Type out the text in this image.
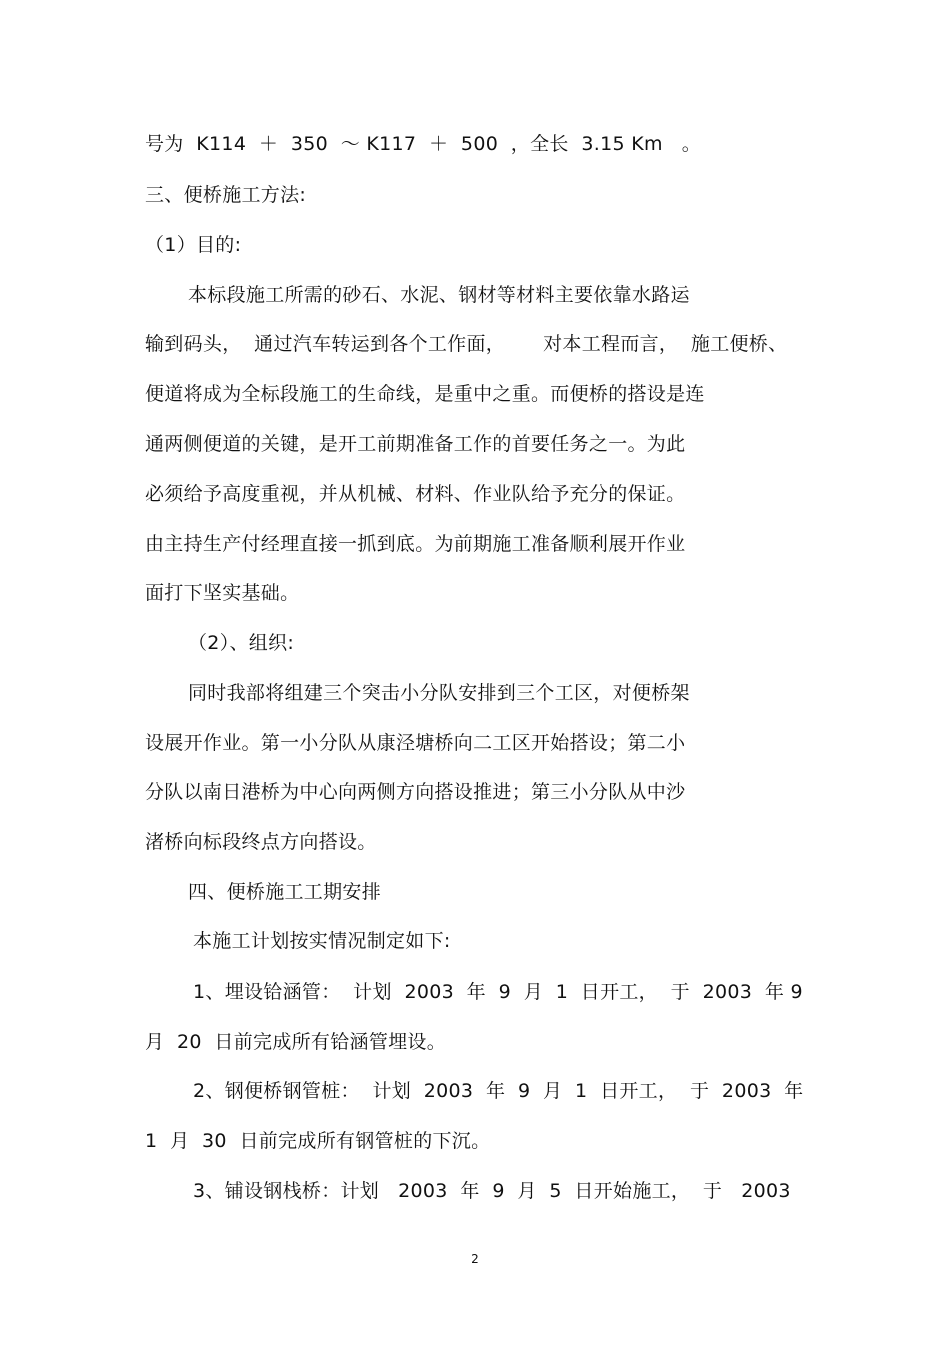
号为  K114  ＋  350  ～ K117  ＋  500  ，全长  3.15 Km   。
三、便桥施工方法:
（1）目的:
本标段施工所需的砂石、水泥、钢材等材料主要依靠水路运
输到码头，  通过汽车转运到各个工作面，      对本工程而言，  施工便桥、
便道将成为全标段施工的生命线，是重中之重。而便桥的搭设是连
通两侧便道的关键，是开工前期准备工作的首要任务之一。为此
必须给予高度重视，并从机械、材料、作业队给予充分的保证。
由主持生产付经理直接一抓到底。为前期施工准备顺利展开作业
面打下坚实基础。
（2）、组织:
同时我部将组建三个突击小分队安排到三个工区，对便桥架
设展开作业。第一小分队从康泾塘桥向二工区开始搭设；第二小
分队以南日港桥为中心向两侧方向搭设推进；第三小分队从中沙
渚桥向标段终点方向搭设。
四、便桥施工工期安排
本施工计划按实情况制定如下:
1、埋设铪涵管：  计划  2003  年  9  月  1  日开工，  于  2003  年 9
月  20  日前完成所有铪涵管埋设。
2、钢便桥钢管桩：  计划  2003  年  9  月  1  日开工，  于  2003  年
1  月  30  日前完成所有钢管桩的下沉。
3、铺设钢栈桥：计划   2003  年  9  月  5  日开始施工，  于   2003
2
